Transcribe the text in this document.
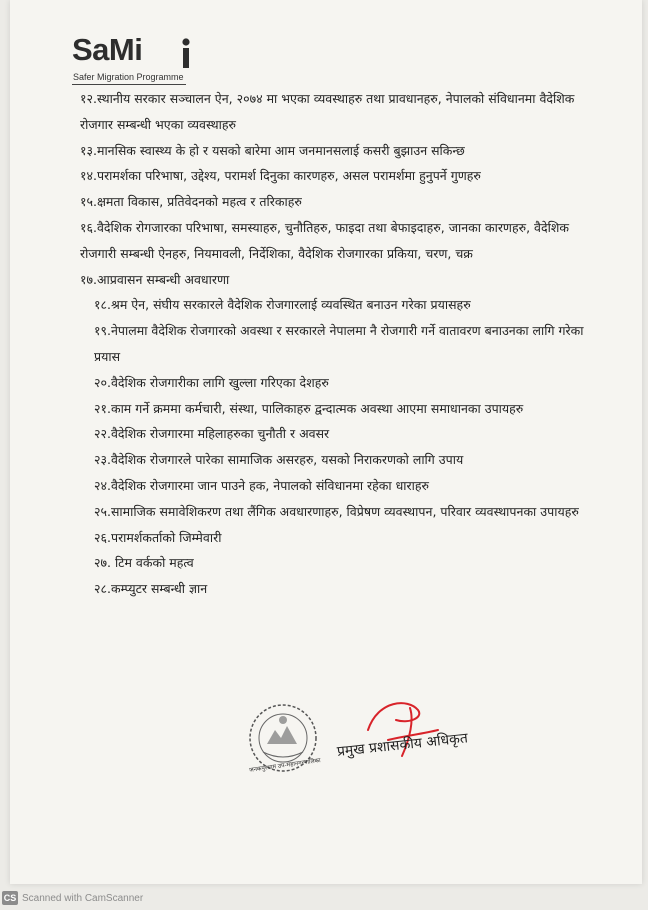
SaMi
Safer Migration Programme

१२.स्थानीय सरकार सञ्चालन ऐन, २०७४ मा भएका व्यवस्थाहरु तथा प्रावधानहरु, नेपालको संविधानमा वैदेशिक रोजगार सम्बन्धी भएका व्यवस्थाहरु

१३.मानसिक स्वास्थ्य के हो र यसको बारेमा आम जनमानसलाई कसरी बुझाउन सकिन्छ

१४.परामर्शका परिभाषा, उद्देश्य, परामर्श दिनुका कारणहरु, असल परामर्शमा हुनुपर्ने गुणहरु

१५.क्षमता विकास, प्रतिवेदनको महत्व र तरिकाहरु

१६.वैदेशिक रोगजारका परिभाषा, समस्याहरु, चुनौतिहरु, फाइदा तथा बेफाइदाहरु, जानका कारणहरु, वैदेशिक रोजगारी सम्बन्धी ऐनहरु, नियमावली, निर्देशिका, वैदेशिक रोजगारका प्रकिया, चरण, चक्र

१७.आप्रवासन सम्बन्धी अवधारणा

१८.श्रम ऐन, संघीय सरकारले वैदेशिक रोजगारलाई व्यवस्थित बनाउन गरेका प्रयासहरु

१९.नेपालमा वैदेशिक रोजगारको अवस्था र सरकारले नेपालमा नै रोजगारी गर्ने वातावरण बनाउनका लागि गरेका प्रयास

२०.वैदेशिक रोजगारीका लागि खुल्ला गरिएका देशहरु

२१.काम गर्ने क्रममा कर्मचारी, संस्था, पालिकाहरु द्वन्दात्मक अवस्था आएमा समाधानका उपायहरु

२२.वैदेशिक रोजगारमा महिलाहरुका चुनौती र अवसर

२३.वैदेशिक रोजगारले पारेका सामाजिक असरहरु, यसको निराकरणको लागि उपाय

२४.वैदेशिक रोजगारमा जान पाउने हक, नेपालको संविधानमा रहेका धाराहरु

२५.सामाजिक समावेशिकरण तथा लैंगिक अवधारणाहरु, विप्रेषण व्यवस्थापन, परिवार व्यवस्थापनका उपायहरु

२६.परामर्शकर्ताको जिम्मेवारी

२७. टिम वर्कको महत्व

२८.कम्प्युटर सम्बन्धी ज्ञान

जनकपुरधाम उप-महानगरपालिका
प्रमुख प्रशासकीय अधिकृत
CS Scanned with CamScanner
